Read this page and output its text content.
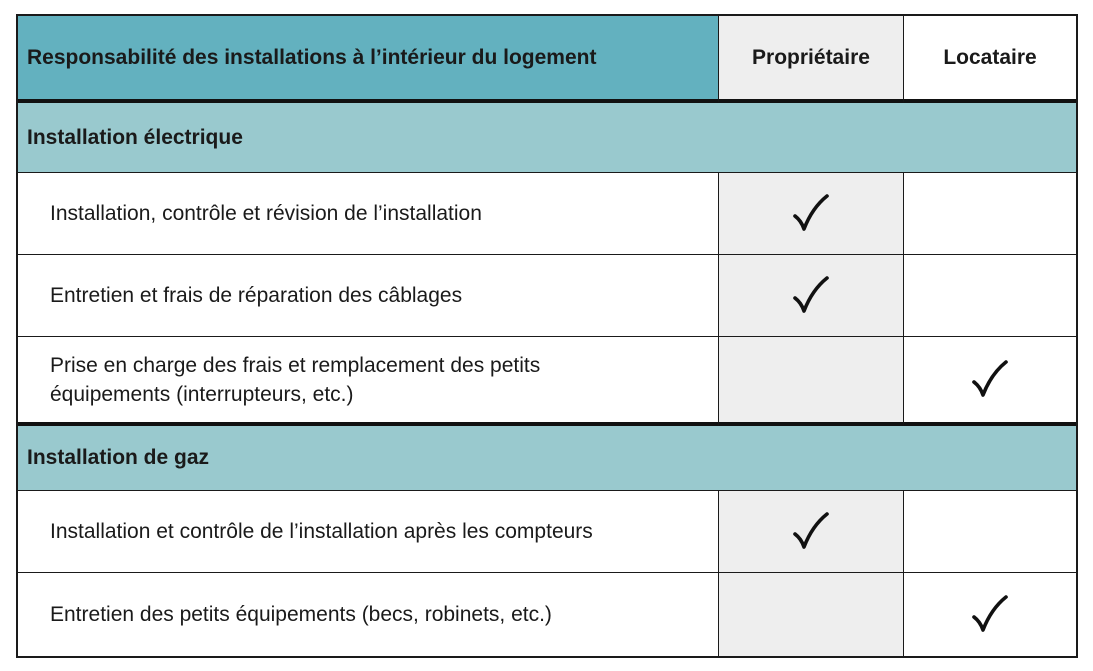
Responsabilité des installations à l’intérieur du logement	Propriétaire	Locataire
Installation électrique
Installation, contrôle et révision de l’installation
Entretien et frais de réparation des câblages
Prise en charge des frais et remplacement des petits
équipements (interrupteurs, etc.)
Installation de gaz
Installation et contrôle de l’installation après les compteurs
Entretien des petits équipements (becs, robinets, etc.)
